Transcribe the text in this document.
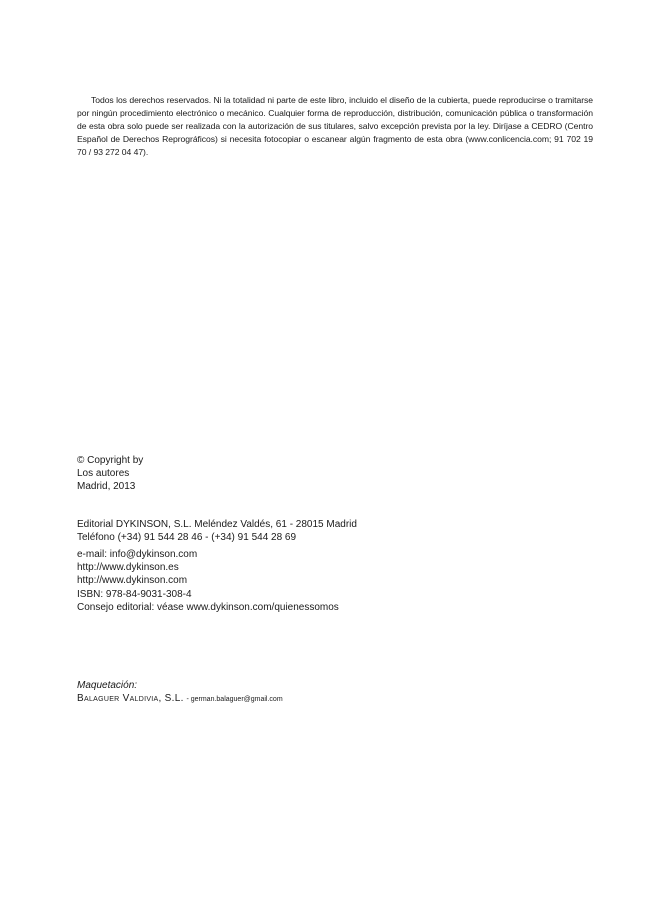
Todos los derechos reservados. Ni la totalidad ni parte de este libro, incluido el diseño de la cubierta, puede reproducirse o tramitarse por ningún procedimiento electrónico o mecánico. Cualquier forma de reproducción, distribución, comunicación pública o transformación de esta obra solo puede ser realizada con la autorización de sus titulares, salvo excepción prevista por la ley. Diríjase a CEDRO (Centro Español de Derechos Reprográficos) si necesita fotocopiar o escanear algún fragmento de esta obra (www.conlicencia.com; 91 702 19 70 / 93 272 04 47).

© Copyright by
Los autores
Madrid, 2013
Editorial DYKINSON, S.L. Meléndez Valdés, 61 - 28015 Madrid
Teléfono (+34) 91 544 28 46 - (+34) 91 544 28 69
e-mail: info@dykinson.com
http://www.dykinson.es
http://www.dykinson.com
ISBN: 978-84-9031-308-4
Consejo editorial: véase www.dykinson.com/quienessomos
Maquetación:
Balaguer Valdivia, S.L. - german.balaguer@gmail.com
